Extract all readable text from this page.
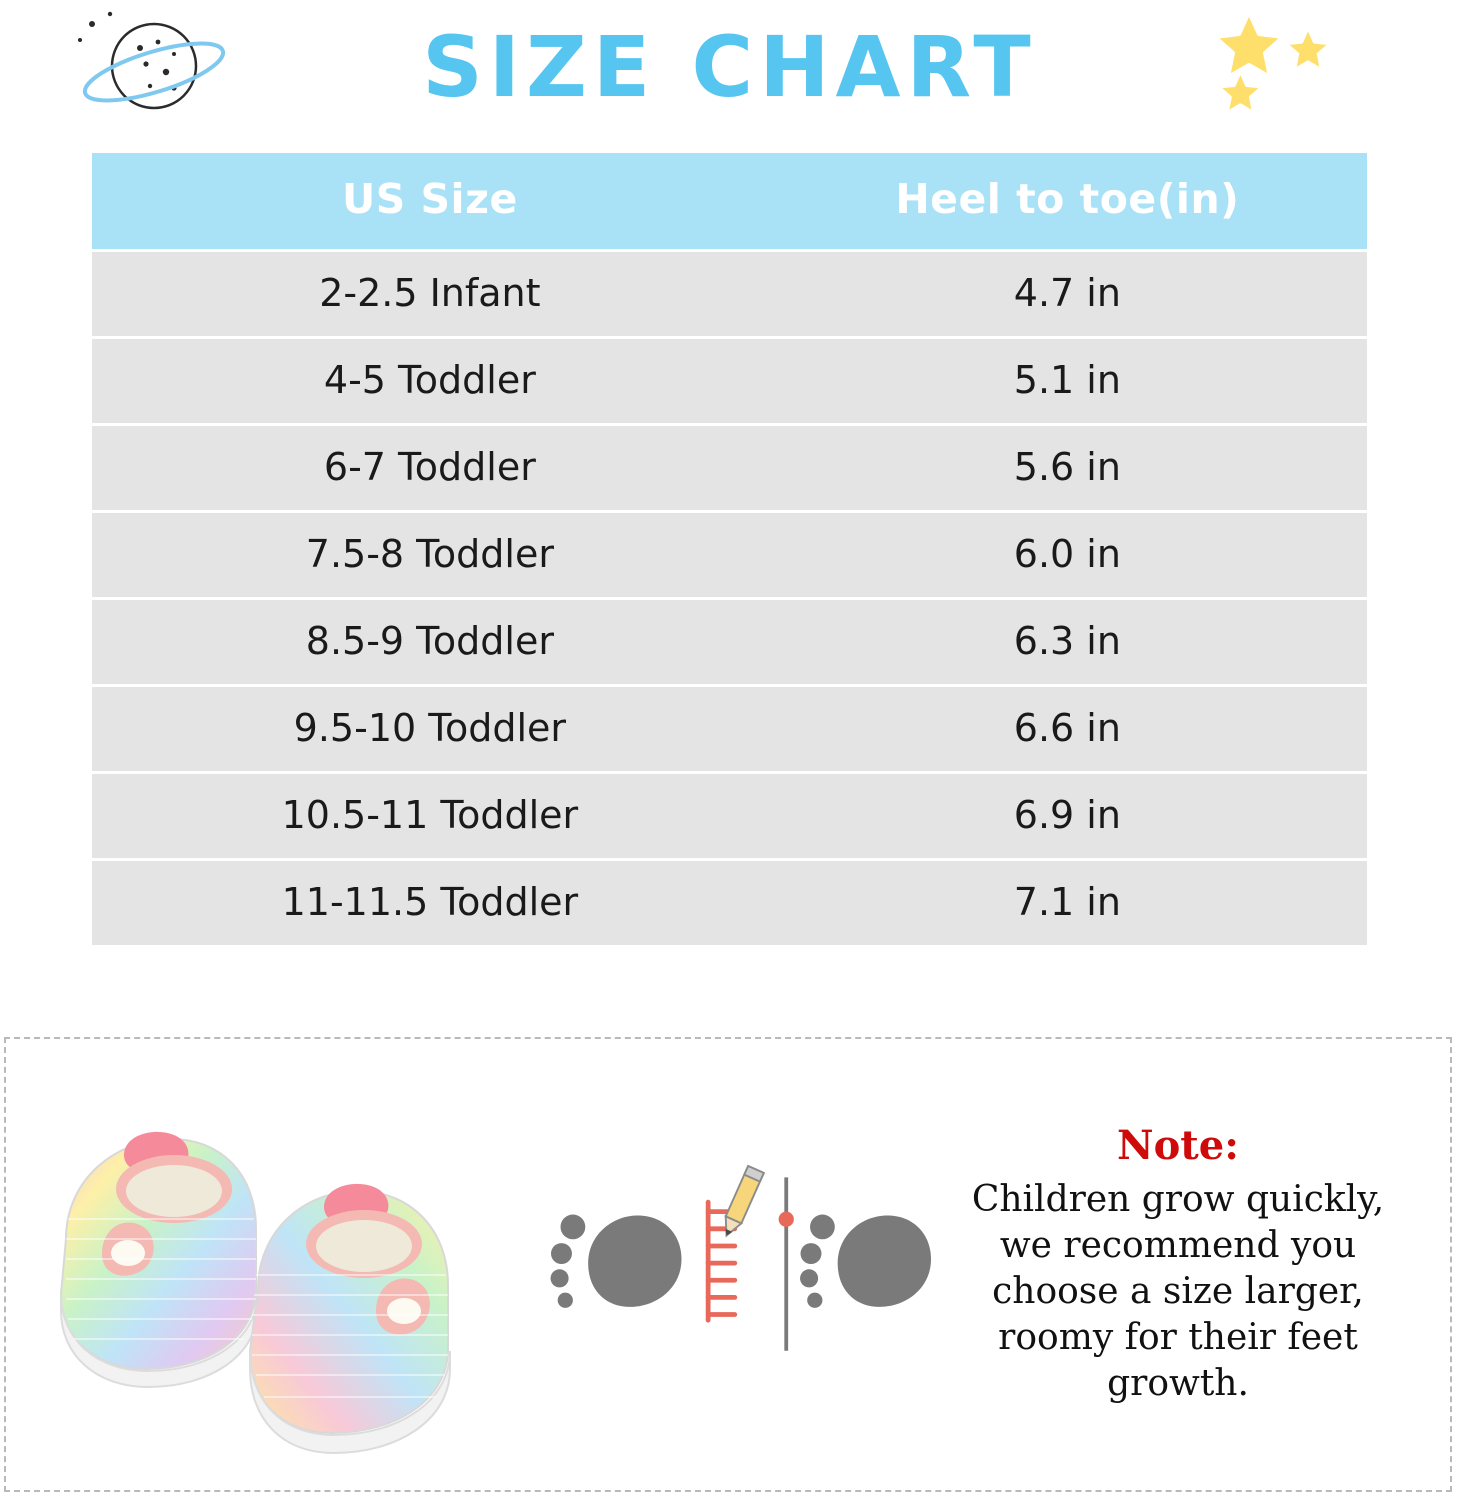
SIZE CHART
US Size	Heel to toe(in)
2-2.5 Infant	4.7 in
4-5 Toddler	5.1 in
6-7 Toddler	5.6 in
7.5-8 Toddler	6.0 in
8.5-9 Toddler	6.3 in
9.5-10 Toddler	6.6 in
10.5-11 Toddler	6.9 in
11-11.5 Toddler	7.1 in
Note:
Children grow quickly, we recommend you choose a size larger, roomy for their feet growth.
